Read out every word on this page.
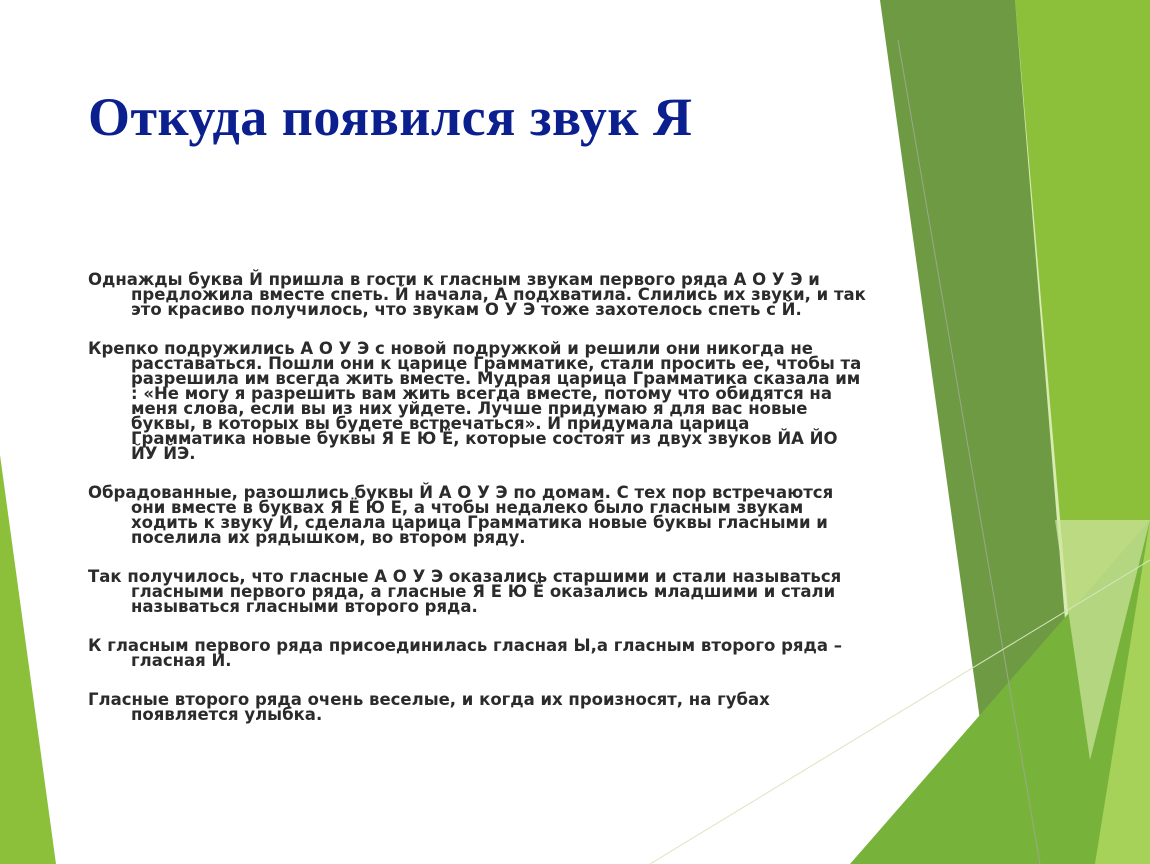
Откуда появился звук Я

Однажды буква Й пришла в гости к гласным звукам первого ряда А О У Э и предложила вместе спеть. Й начала, А подхватила. Слились их звуки, и так это красиво получилось, что звукам О У Э тоже захотелось спеть с Й.

Крепко подружились А О У Э с новой подружкой и решили они никогда не расставаться. Пошли они к царице Грамматике, стали просить ее, чтобы та разрешила им всегда жить вместе. Мудрая царица Грамматика сказала им : «Не могу я разрешить вам жить всегда вместе, потому что обидятся на меня слова, если вы из них уйдете. Лучше придумаю я для вас новые буквы, в которых вы будете встречаться». И придумала царица Грамматика новые буквы Я Е Ю Ё, которые состоят из двух звуков ЙА ЙО ЙУ ЙЭ.

Обрадованные, разошлись буквы Й А О У Э по домам. С тех пор встречаются они вместе в буквах Я Ё Ю Е, а чтобы недалеко было гласным звукам ходить к звуку Й, сделала царица Грамматика новые буквы гласными и поселила их рядышком, во втором ряду.

Так получилось, что гласные А О У Э оказались старшими и стали называться гласными первого ряда, а гласные Я Е Ю Ё оказались младшими и стали называться гласными второго ряда.

К гласным первого ряда присоединилась гласная Ы,а гласным второго ряда – гласная И.

Гласные второго ряда очень веселые, и когда их произносят, на губах появляется улыбка.
